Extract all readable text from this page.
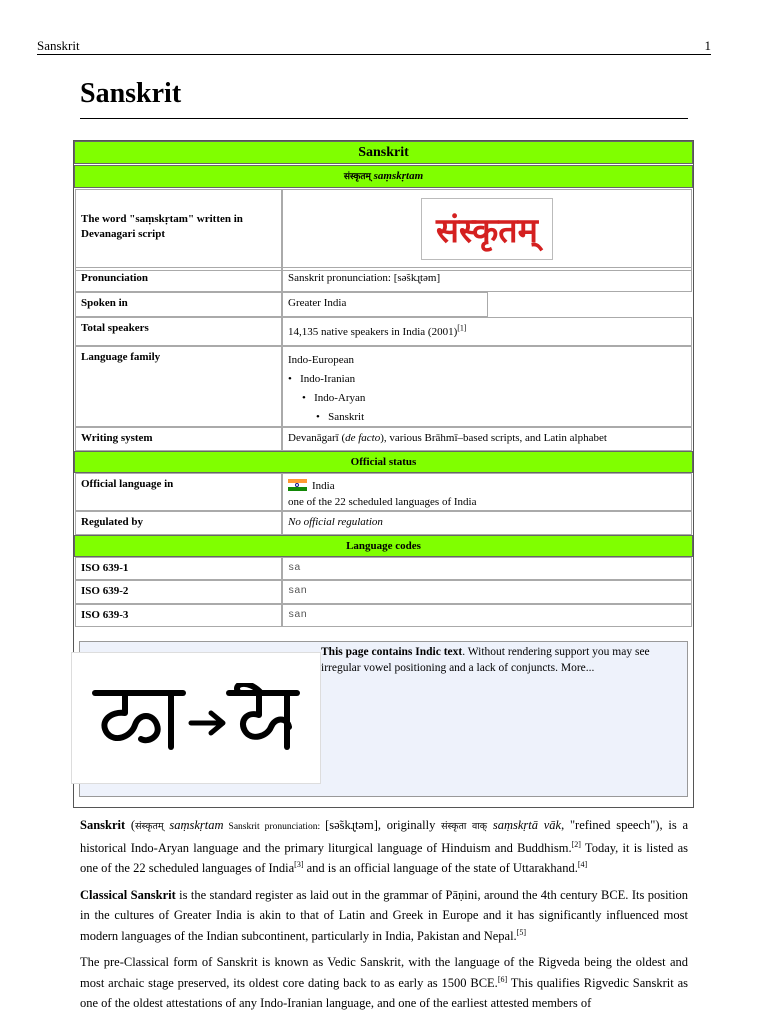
Sanskrit	1
Sanskrit
Sanskrit
संस्कृतम् saṃskṛtam
The word "saṃskṛtam" written in Devanagari script	संस्कृतम्
Pronunciation	Sanskrit pronunciation: [sə̃skɻ̩təm]
Spoken in	Greater India
Total speakers	14,135 native speakers in India (2001)[1]
Language family	Indo-European
•   Indo-Iranian
•   Indo-Aryan
•   Sanskrit
Writing system	Devanāgarī (de facto), various Brāhmī–based scripts, and Latin alphabet
Official status
Official language in	India
one of the 22 scheduled languages of India
Regulated by	No official regulation
Language codes
ISO 639-1	sa
ISO 639-2	san
ISO 639-3	san
This page contains Indic text. Without rendering support you may see irregular vowel positioning and a lack of conjuncts. More...

Sanskrit (संस्कृतम् saṃskṛtam Sanskrit pronunciation: [sə̃skɻ̩təm], originally संस्कृता वाक् saṃskṛtā vāk, "refined speech"), is a historical Indo-Aryan language and the primary liturgical language of Hinduism and Buddhism.[2] Today, it is listed as one of the 22 scheduled languages of India[3] and is an official language of the state of Uttarakhand.[4]

Classical Sanskrit is the standard register as laid out in the grammar of Pāṇini, around the 4th century BCE. Its position in the cultures of Greater India is akin to that of Latin and Greek in Europe and it has significantly influenced most modern languages of the Indian subcontinent, particularly in India, Pakistan and Nepal.[5]

The pre-Classical form of Sanskrit is known as Vedic Sanskrit, with the language of the Rigveda being the oldest and most archaic stage preserved, its oldest core dating back to as early as 1500 BCE.[6] This qualifies Rigvedic Sanskrit as one of the oldest attestations of any Indo-Iranian language, and one of the earliest attested members of
